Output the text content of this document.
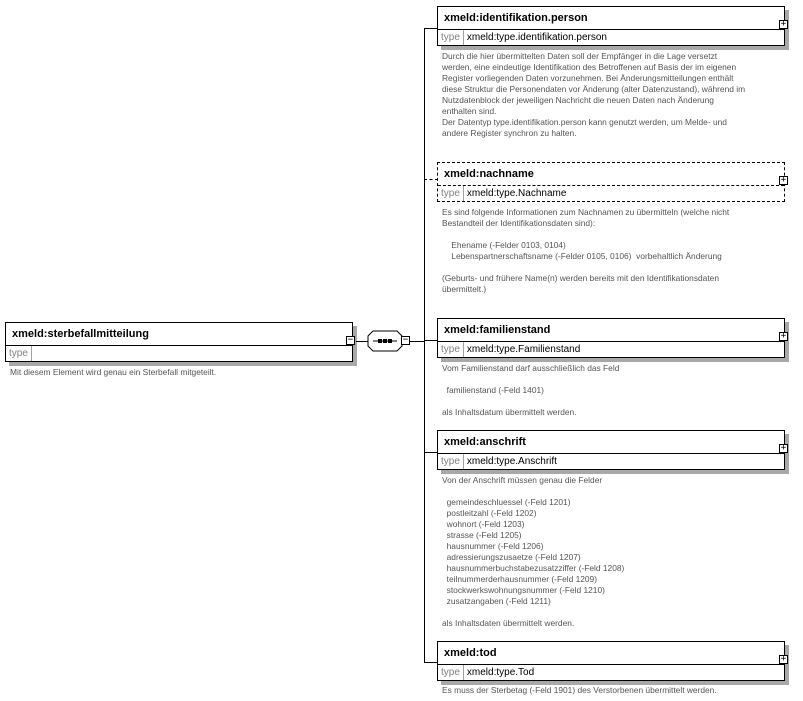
xmeld:sterbefallmitteilung
type
−
Mit diesem Element wird genau ein Sterbefall mitgeteilt.
−
xmeld:identifikation.person
type xmeld:type.identifikation.person
+
Durch die hier übermittelten Daten soll der Empfänger in die Lage versetzt
werden, eine eindeutige Identifikation des Betroffenen auf Basis der im eigenen
Register vorliegenden Daten vorzunehmen. Bei Änderungsmitteilungen enthält
diese Struktur die Personendaten vor Änderung (alter Datenzustand), während im
Nutzdatenblock der jeweiligen Nachricht die neuen Daten nach Änderung
enthalten sind.
Der Datentyp type.identifikation.person kann genutzt werden, um Melde- und
andere Register synchron zu halten.
xmeld:nachname
type xmeld:type.Nachname
+
Es sind folgende Informationen zum Nachnamen zu übermitteln (welche nicht
Bestandteil der Identifikationsdaten sind):

Ehename (-Felder 0103, 0104)
Lebenspartnerschaftsname (-Felder 0105, 0106)  vorbehaltlich Änderung

(Geburts- und frühere Name(n) werden bereits mit den Identifikationsdaten
übermittelt.)
xmeld:familienstand
type xmeld:type.Familienstand
+
Vom Familienstand darf ausschließlich das Feld

familienstand (-Feld 1401)

als Inhaltsdatum übermittelt werden.
xmeld:anschrift
type xmeld:type.Anschrift
+
Von der Anschrift müssen genau die Felder

gemeindeschluessel (-Feld 1201)
postleitzahl (-Feld 1202)
wohnort (-Feld 1203)
strasse (-Feld 1205)
hausnummer (-Feld 1206)
adressierungszusaetze (-Feld 1207)
hausnummerbuchstabezusatzziffer (-Feld 1208)
teilnummerderhausnummer (-Feld 1209)
stockwerkswohnungsnummer (-Feld 1210)
zusatzangaben (-Feld 1211)

als Inhaltsdaten übermittelt werden.
xmeld:tod
type xmeld:type.Tod
+
Es muss der Sterbetag (-Feld 1901) des Verstorbenen übermittelt werden.
